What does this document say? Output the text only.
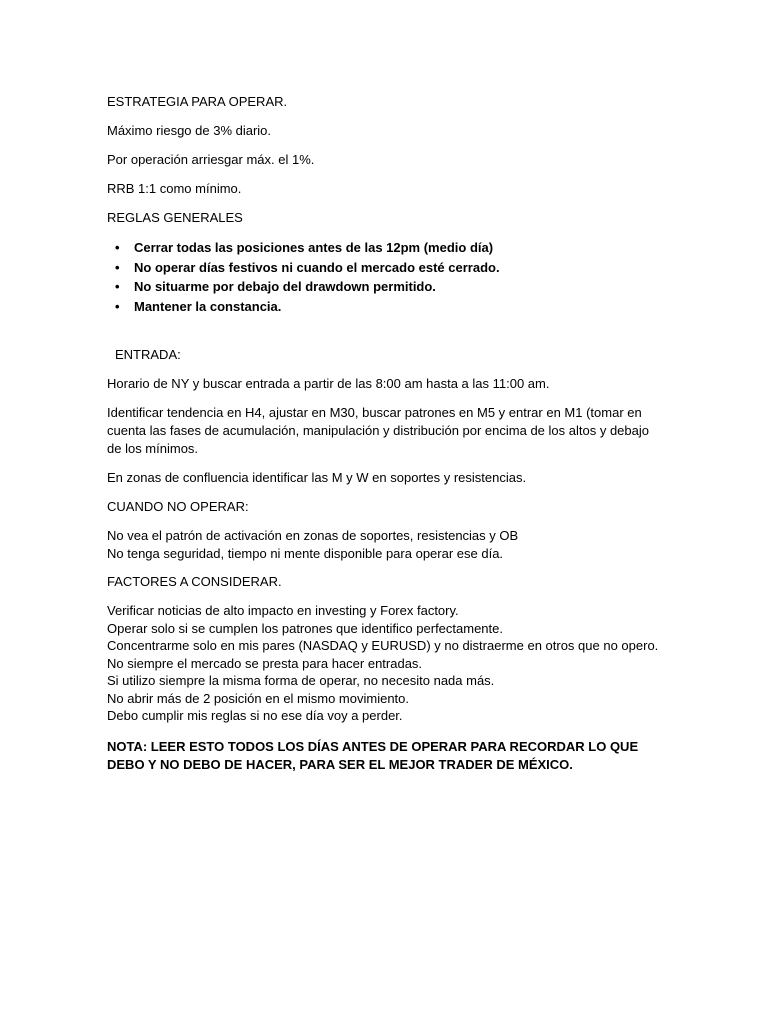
ESTRATEGIA PARA OPERAR.

Máximo riesgo de 3% diario.

Por operación arriesgar máx. el 1%.

RRB 1:1 como mínimo.

REGLAS GENERALES

• Cerrar todas las posiciones antes de las 12pm (medio día)
• No operar días festivos ni cuando el mercado esté cerrado.
• No situarme por debajo del drawdown permitido.
• Mantener la constancia.

ENTRADA:

Horario de NY y buscar entrada a partir de las 8:00 am hasta a las 11:00 am.

Identificar tendencia en H4, ajustar en M30, buscar patrones en M5 y entrar en M1 (tomar en cuenta las fases de acumulación, manipulación y distribución por encima de los altos y debajo de los mínimos.

En zonas de confluencia identificar las M y W en soportes y resistencias.

CUANDO NO OPERAR:

No vea el patrón de activación en zonas de soportes, resistencias y OB

No tenga seguridad, tiempo ni mente disponible para operar ese día.

FACTORES A CONSIDERAR.

Verificar noticias de alto impacto en investing y Forex factory.

Operar solo si se cumplen los patrones que identifico perfectamente.

Concentrarme solo en mis pares (NASDAQ y EURUSD) y no distraerme en otros que no opero.

No siempre el mercado se presta para hacer entradas.

Si utilizo siempre la misma forma de operar, no necesito nada más.

No abrir más de 2 posición en el mismo movimiento.

Debo cumplir mis reglas si no ese día voy a perder.

NOTA: LEER ESTO TODOS LOS DÍAS ANTES DE OPERAR PARA RECORDAR LO QUE DEBO Y NO DEBO DE HACER, PARA SER EL MEJOR TRADER DE MÉXICO.
